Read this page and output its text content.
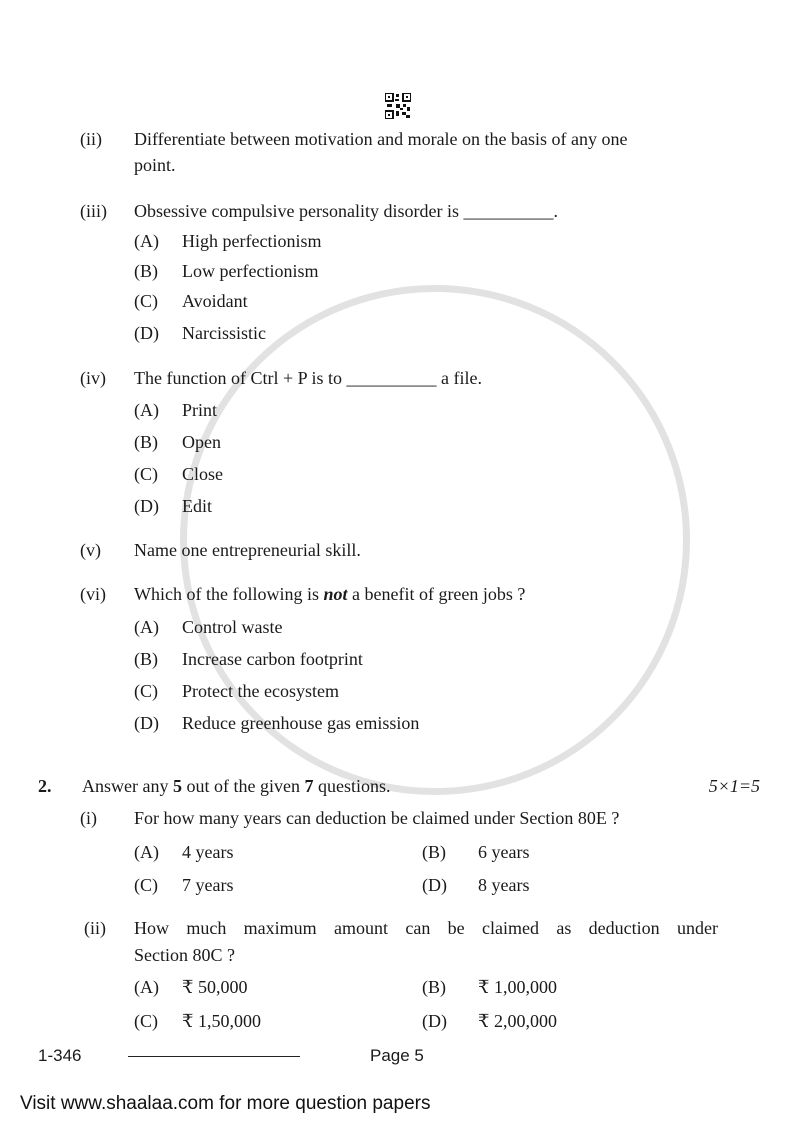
(ii) Differentiate between motivation and morale on the basis of any one
point.
(iii) Obsessive compulsive personality disorder is __________.
(A) High perfectionism
(B) Low perfectionism
(C) Avoidant
(D) Narcissistic
(iv) The function of Ctrl + P is to __________ a file.
(A) Print
(B) Open
(C) Close
(D) Edit
(v) Name one entrepreneurial skill.
(vi) Which of the following is not a benefit of green jobs ?
(A) Control waste
(B) Increase carbon footprint
(C) Protect the ecosystem
(D) Reduce greenhouse gas emission
2. Answer any 5 out of the given 7 questions.	5×1=5
(i) For how many years can deduction be claimed under Section 80E ?
(A) 4 years	(B) 6 years
(C) 7 years	(D) 8 years
(ii) How much maximum amount can be claimed as deduction under
Section 80C ?
(A) ₹ 50,000	(B) ₹ 1,00,000
(C) ₹ 1,50,000	(D) ₹ 2,00,000
1-346	Page 5
Visit www.shaalaa.com for more question papers
